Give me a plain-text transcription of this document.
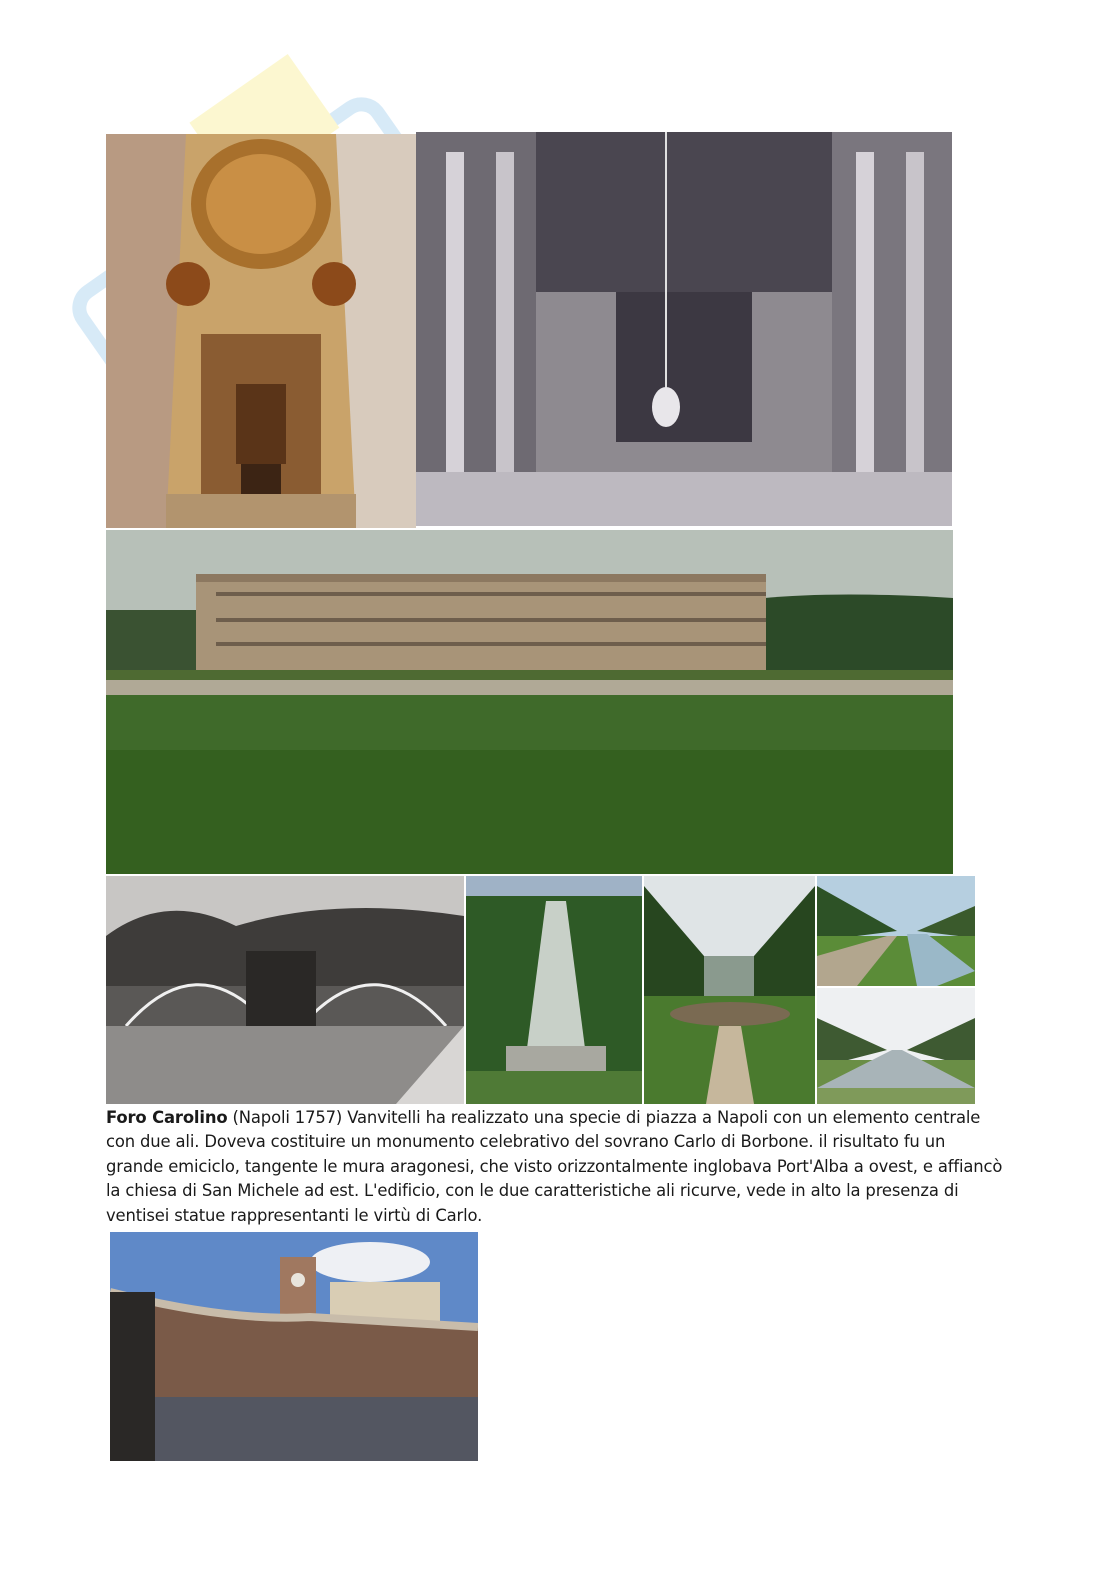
Foro Carolino (Napoli 1757) Vanvitelli ha realizzato una specie di piazza a Napoli con un elemento centrale con due ali. Doveva costituire un monumento celebrativo del sovrano Carlo di Borbone. il risultato fu un grande emiciclo, tangente le mura aragonesi, che visto orizzontalmente inglobava Port'Alba a ovest, e affiancò la chiesa di San Michele ad est. L'edificio, con le due caratteristiche ali ricurve, vede in alto la presenza di ventisei statue rappresentanti le virtù di Carlo.
